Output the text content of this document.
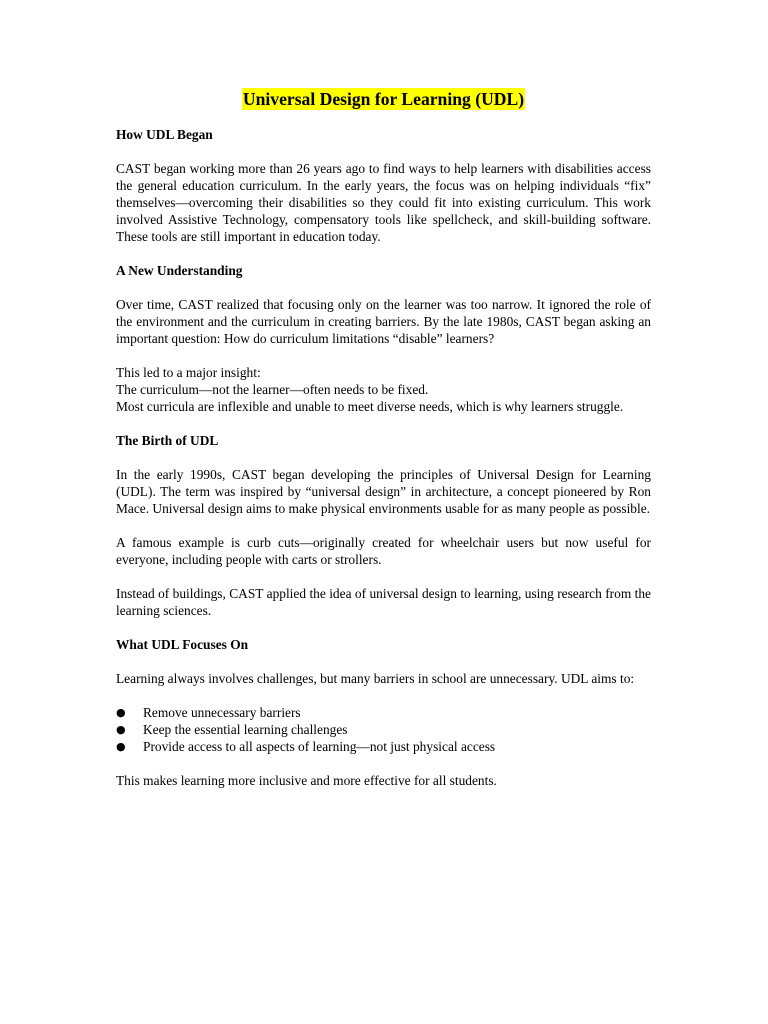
Universal Design for Learning (UDL)
How UDL Began

CAST began working more than 26 years ago to find ways to help learners with disabilities access the general education curriculum. In the early years, the focus was on helping individuals “fix” themselves—overcoming their disabilities so they could fit into existing curriculum. This work involved Assistive Technology, compensatory tools like spellcheck, and skill-building software. These tools are still important in education today.

A New Understanding

Over time, CAST realized that focusing only on the learner was too narrow. It ignored the role of the environment and the curriculum in creating barriers. By the late 1980s, CAST began asking an important question: How do curriculum limitations “disable” learners?

This led to a major insight:
The curriculum—not the learner—often needs to be fixed.
Most curricula are inflexible and unable to meet diverse needs, which is why learners struggle.

The Birth of UDL

In the early 1990s, CAST began developing the principles of Universal Design for Learning (UDL). The term was inspired by “universal design” in architecture, a concept pioneered by Ron Mace. Universal design aims to make physical environments usable for as many people as possible.

A famous example is curb cuts—originally created for wheelchair users but now useful for everyone, including people with carts or strollers.

Instead of buildings, CAST applied the idea of universal design to learning, using research from the learning sciences.

What UDL Focuses On

Learning always involves challenges, but many barriers in school are unnecessary. UDL aims to:

● Remove unnecessary barriers
● Keep the essential learning challenges
● Provide access to all aspects of learning—not just physical access

This makes learning more inclusive and more effective for all students.
